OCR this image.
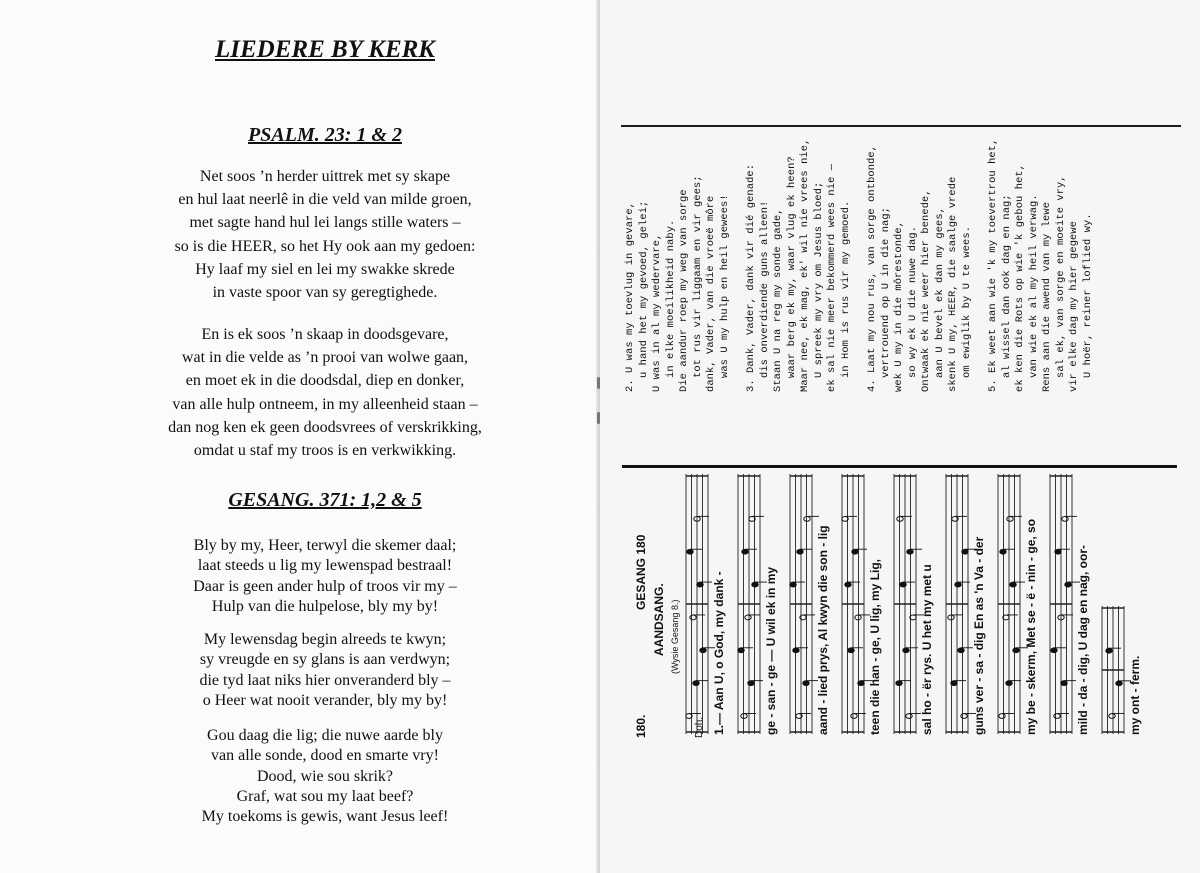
LIEDERE BY KERK
PSALM. 23: 1 & 2
Net soos ’n herder uittrek met sy skape
en hul laat neerlê in die veld van milde groen,
met sagte hand hul lei langs stille waters –
so is die HEER, so het Hy ook aan my gedoen:
Hy laaf my siel en lei my swakke skrede
in vaste spoor van sy geregtighede.
En is ek soos ’n skaap in doodsgevare,
wat in die velde as ’n prooi van wolwe gaan,
en moet ek in die doodsdal, diep en donker,
van alle hulp ontneem, in my alleenheid staan –
dan nog ken ek geen doodsvrees of verskrikking,
omdat u staf my troos is en verkwikking.
GESANG. 371: 1,2 & 5
Bly by my, Heer, terwyl die skemer daal;
laat steeds u lig my lewenspad bestraal!
Daar is geen ander hulp of troos vir my –
Hulp van die hulpelose, bly my by!
My lewensdag begin alreeds te kwyn;
sy vreugde en sy glans is aan verdwyn;
die tyd laat niks hier onveranderd bly –
o Heer wat nooit verander, bly my by!
Gou daag die lig; die nuwe aarde bly
van alle sonde, dood en smarte vry!
Dood, wie sou skrik?
Graf, wat sou my laat beef?
My toekoms is gewis, want Jesus leef!
2. U was my toevlug in gevare, u hand het my gevoed, gelei; U was in al my wedervare, in elke moeilikheid naby. Die aandur roep my weg van sorge tot rus vir liggaam en vir gees; dank, Vader, van die vroeë môre was U my hulp en heil gewees!
3. Dank, Vader, dank vir dié genade: dis onverdiende guns alleen! Staan U na reg my sonde gade, waar berg ek my, waar vlug ek heen? Maar nee, ek mag, ek' wil nie vrees nie, U spreek my vry om Jesus bloed; ek sal nie meer bekommerd wees nie — in Hom is rus vir my gemoed.
4. Laat my nou rus, van sorge ontbonde, vertrouend op U in die nag; wek U my in die môrestonde, so wy ek U die nuwe dag. Ontwaak ek nie weer hier benede, aan U bevel ek dan my gees, skenk U my, HEER, die saalge vrede om ewiglik by U te wees.
5. Ek weet aan wie 'k my toevertrou het, al wissel dan ook dag en nag; ek ken die Rots op wie 'k gebou het, van wie ek al my heil verwag. Rens aan die awend van my lewe sal ek, van sorge en moeite vry, vir elke dag my hier gegewe U hoër, reiner loflied wy.
180.
GESANG 180
AANDSANG. (Wysie Gesang 8.)
Doh. 1.— Aan U, o God, my dank -	ge - san - ge — U wil ek in my	aand - lied prys, Al kwyn die son - lig	teen die han - ge, U lig, my Lig,	sal ho - ër rys. U het my met u	guns ver - sa - dig En as 'n Va - der	my be - skerm, Met se - ë - nin - ge, so	mild - da - dig, U dag en nag, oor-	my ont - ferm.
